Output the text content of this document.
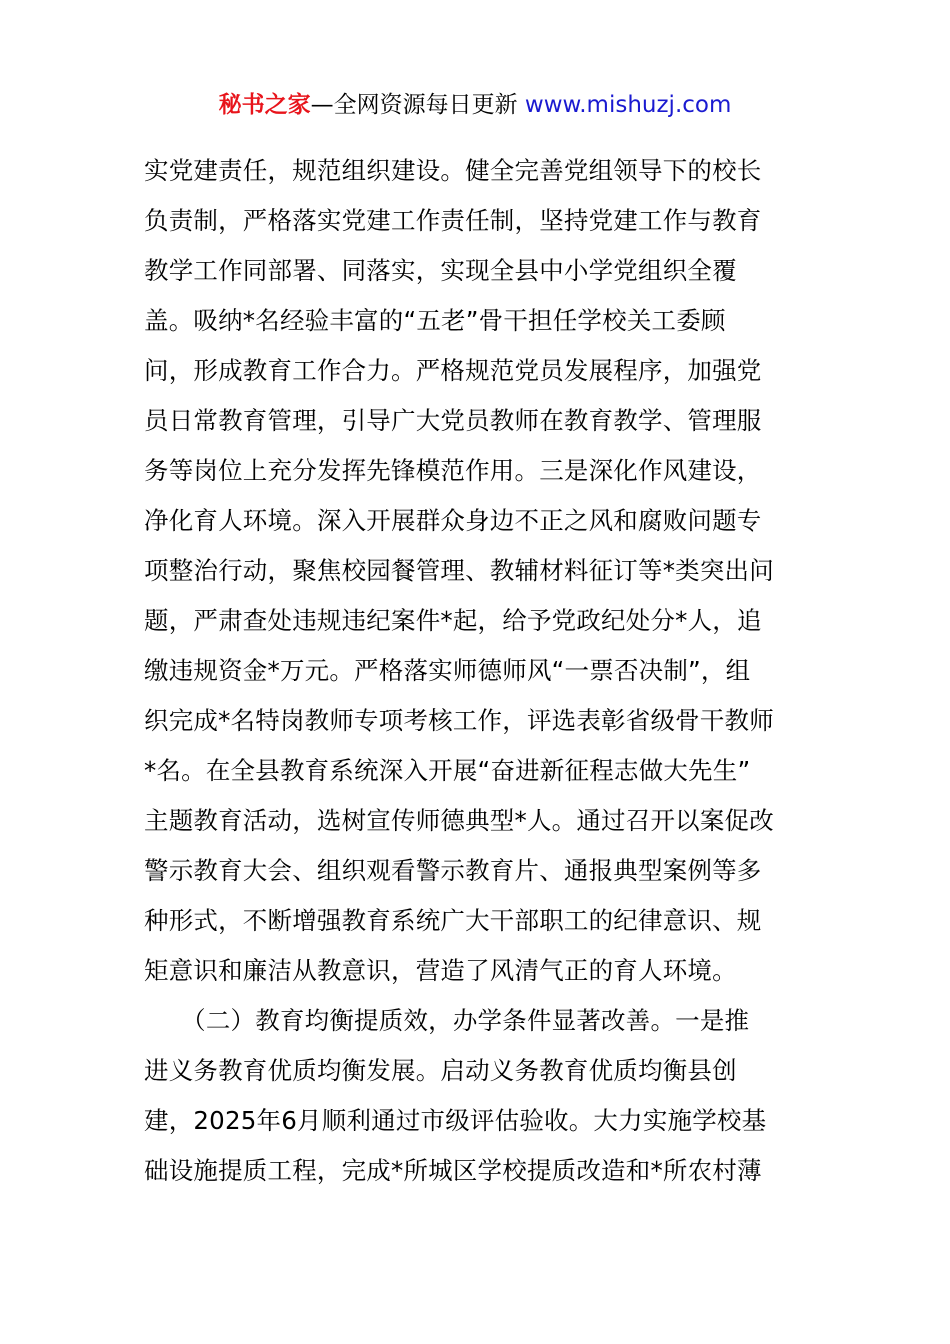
秘书之家—全网资源每日更新 www.mishuzj.com
实党建责任，规范组织建设。健全完善党组领导下的校长
负责制，严格落实党建工作责任制，坚持党建工作与教育
教学工作同部署、同落实，实现全县中小学党组织全覆
盖。吸纳*名经验丰富的“五老”骨干担任学校关工委顾
问，形成教育工作合力。严格规范党员发展程序，加强党
员日常教育管理，引导广大党员教师在教育教学、管理服
务等岗位上充分发挥先锋模范作用。三是深化作风建设，
净化育人环境。深入开展群众身边不正之风和腐败问题专
项整治行动，聚焦校园餐管理、教辅材料征订等*类突出问
题，严肃查处违规违纪案件*起，给予党政纪处分*人，追
缴违规资金*万元。严格落实师德师风“一票否决制”，组
织完成*名特岗教师专项考核工作，评选表彰省级骨干教师
*名。在全县教育系统深入开展“奋进新征程志做大先生”
主题教育活动，选树宣传师德典型*人。通过召开以案促改
警示教育大会、组织观看警示教育片、通报典型案例等多
种形式，不断增强教育系统广大干部职工的纪律意识、规
矩意识和廉洁从教意识，营造了风清气正的育人环境。
　　（二）教育均衡提质效，办学条件显著改善。一是推
进义务教育优质均衡发展。启动义务教育优质均衡县创
建，2025年6月顺利通过市级评估验收。大力实施学校基
础设施提质工程，完成*所城区学校提质改造和*所农村薄
